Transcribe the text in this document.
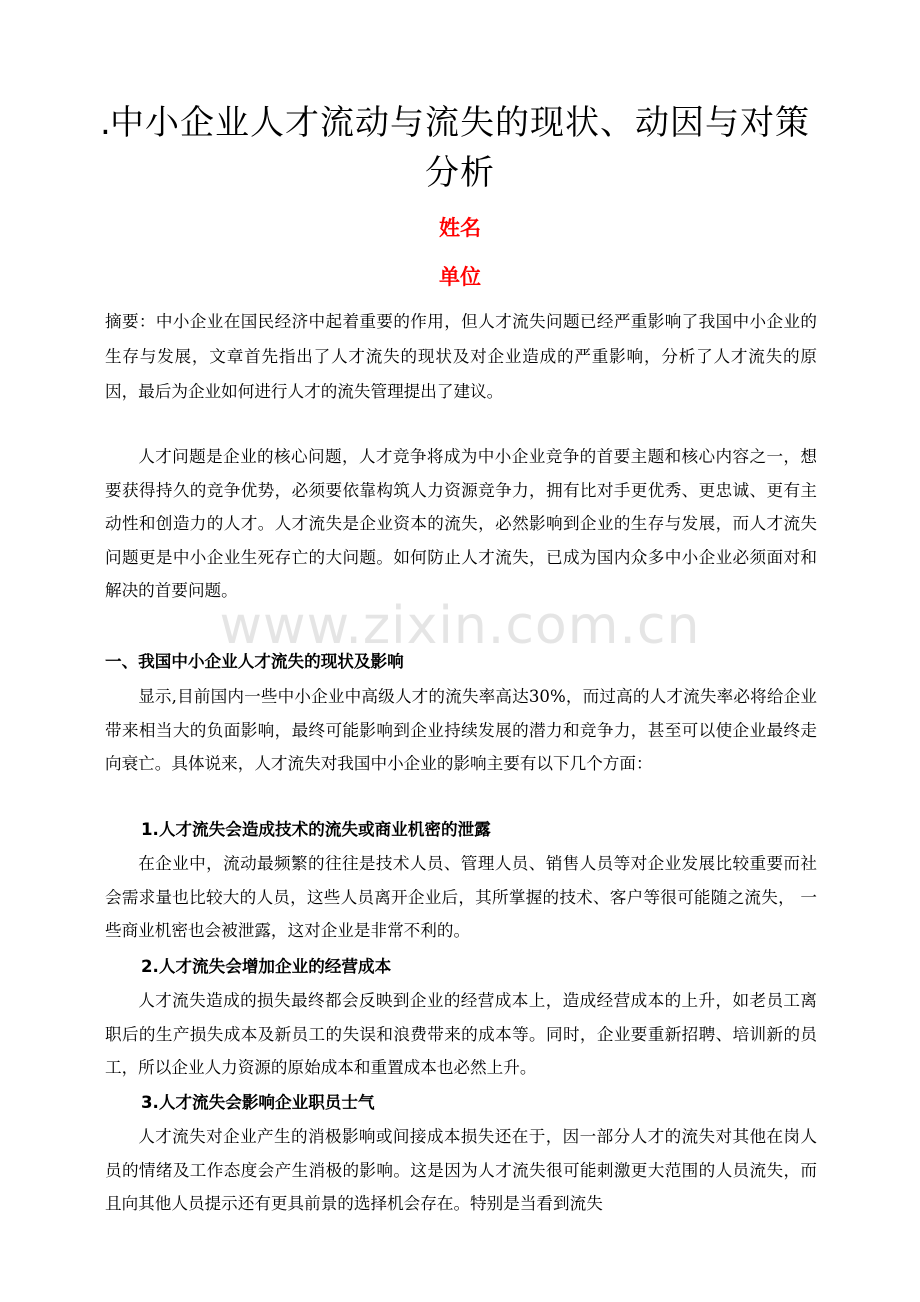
.
中小企业人才流动与流失的现状、动因与对策
分析
姓名
单位

摘要：中小企业在国民经济中起着重要的作用，但人才流失问题已经严重影响了我国中小企业的生存与发展，文章首先指出了人才流失的现状及对企业造成的严重影响，分析了人才流失的原因，最后为企业如何进行人才的流失管理提出了建议。

人才问题是企业的核心问题，人才竞争将成为中小企业竞争的首要主题和核心内容之一，想要获得持久的竞争优势，必须要依靠构筑人力资源竞争力，拥有比对手更优秀、更忠诚、更有主动性和创造力的人才。人才流失是企业资本的流失，必然影响到企业的生存与发展，而人才流失问题更是中小企业生死存亡的大问题。如何防止人才流失，已成为国内众多中小企业必须面对和解决的首要问题。

www.zixin.com.cn
一、我国中小企业人才流失的现状及影响

显示,目前国内一些中小企业中高级人才的流失率高达30%，而过高的人才流失率必将给企业带来相当大的负面影响，最终可能影响到企业持续发展的潜力和竞争力，甚至可以使企业最终走向衰亡。具体说来，人才流失对我国中小企业的影响主要有以下几个方面：

1.人才流失会造成技术的流失或商业机密的泄露

在企业中，流动最频繁的往往是技术人员、管理人员、销售人员等对企业发展比较重要而社会需求量也比较大的人员，这些人员离开企业后，其所掌握的技术、客户等很可能随之流失， 一些商业机密也会被泄露，这对企业是非常不利的。

2.人才流失会增加企业的经营成本

人才流失造成的损失最终都会反映到企业的经营成本上，造成经营成本的上升，如老员工离职后的生产损失成本及新员工的失误和浪费带来的成本等。同时，企业要重新招聘、培训新的员工，所以企业人力资源的原始成本和重置成本也必然上升。

3.人才流失会影响企业职员士气

人才流失对企业产生的消极影响或间接成本损失还在于，因一部分人才的流失对其他在岗人员的情绪及工作态度会产生消极的影响。这是因为人才流失很可能刺激更大范围的人员流失，而且向其他人员提示还有更具前景的选择机会存在。特别是当看到流失
